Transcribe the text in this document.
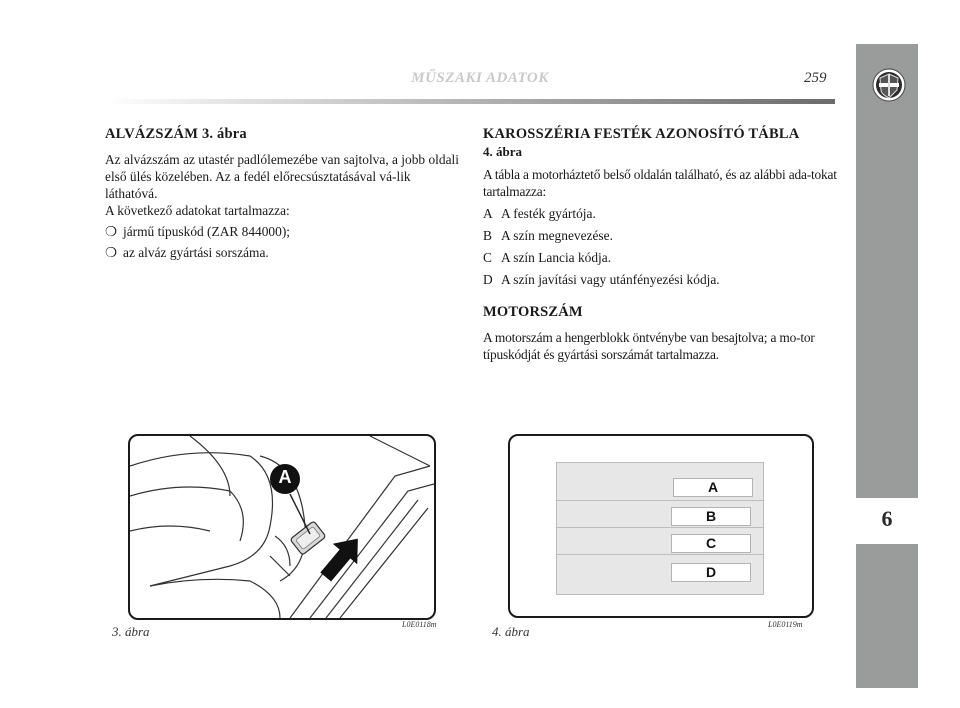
MŰSZAKI ADATOK	259
6
ALVÁZSZÁM 3. ábra

Az alvázszám az utastér padlólemezébe van sajtolva, a jobb oldali első ülés közelében. Az a fedél előrecsúsztatásával vá-lik láthatóvá.

A következő adatokat tartalmazza:

❍ jármű típuskód (ZAR 844000);
❍ az alváz gyártási sorszáma.
KAROSSZÉRIA FESTÉK AZONOSÍTÓ TÁBLA

4. ábra

A tábla a motorháztető belső oldalán található, és az alábbi ada-tokat tartalmazza:

A A festék gyártója.
B A szín megnevezése.
C A szín Lancia kódja.
D A szín javítási vagy utánfényezési kódja.
MOTORSZÁM

A motorszám a hengerblokk öntvénybe van besajtolva; a mo-tor típuskódját és gyártási sorszámát tartalmazza.

A
3. ábra	L0E0118m
A
B
C
D
4. ábra	L0E0119m
